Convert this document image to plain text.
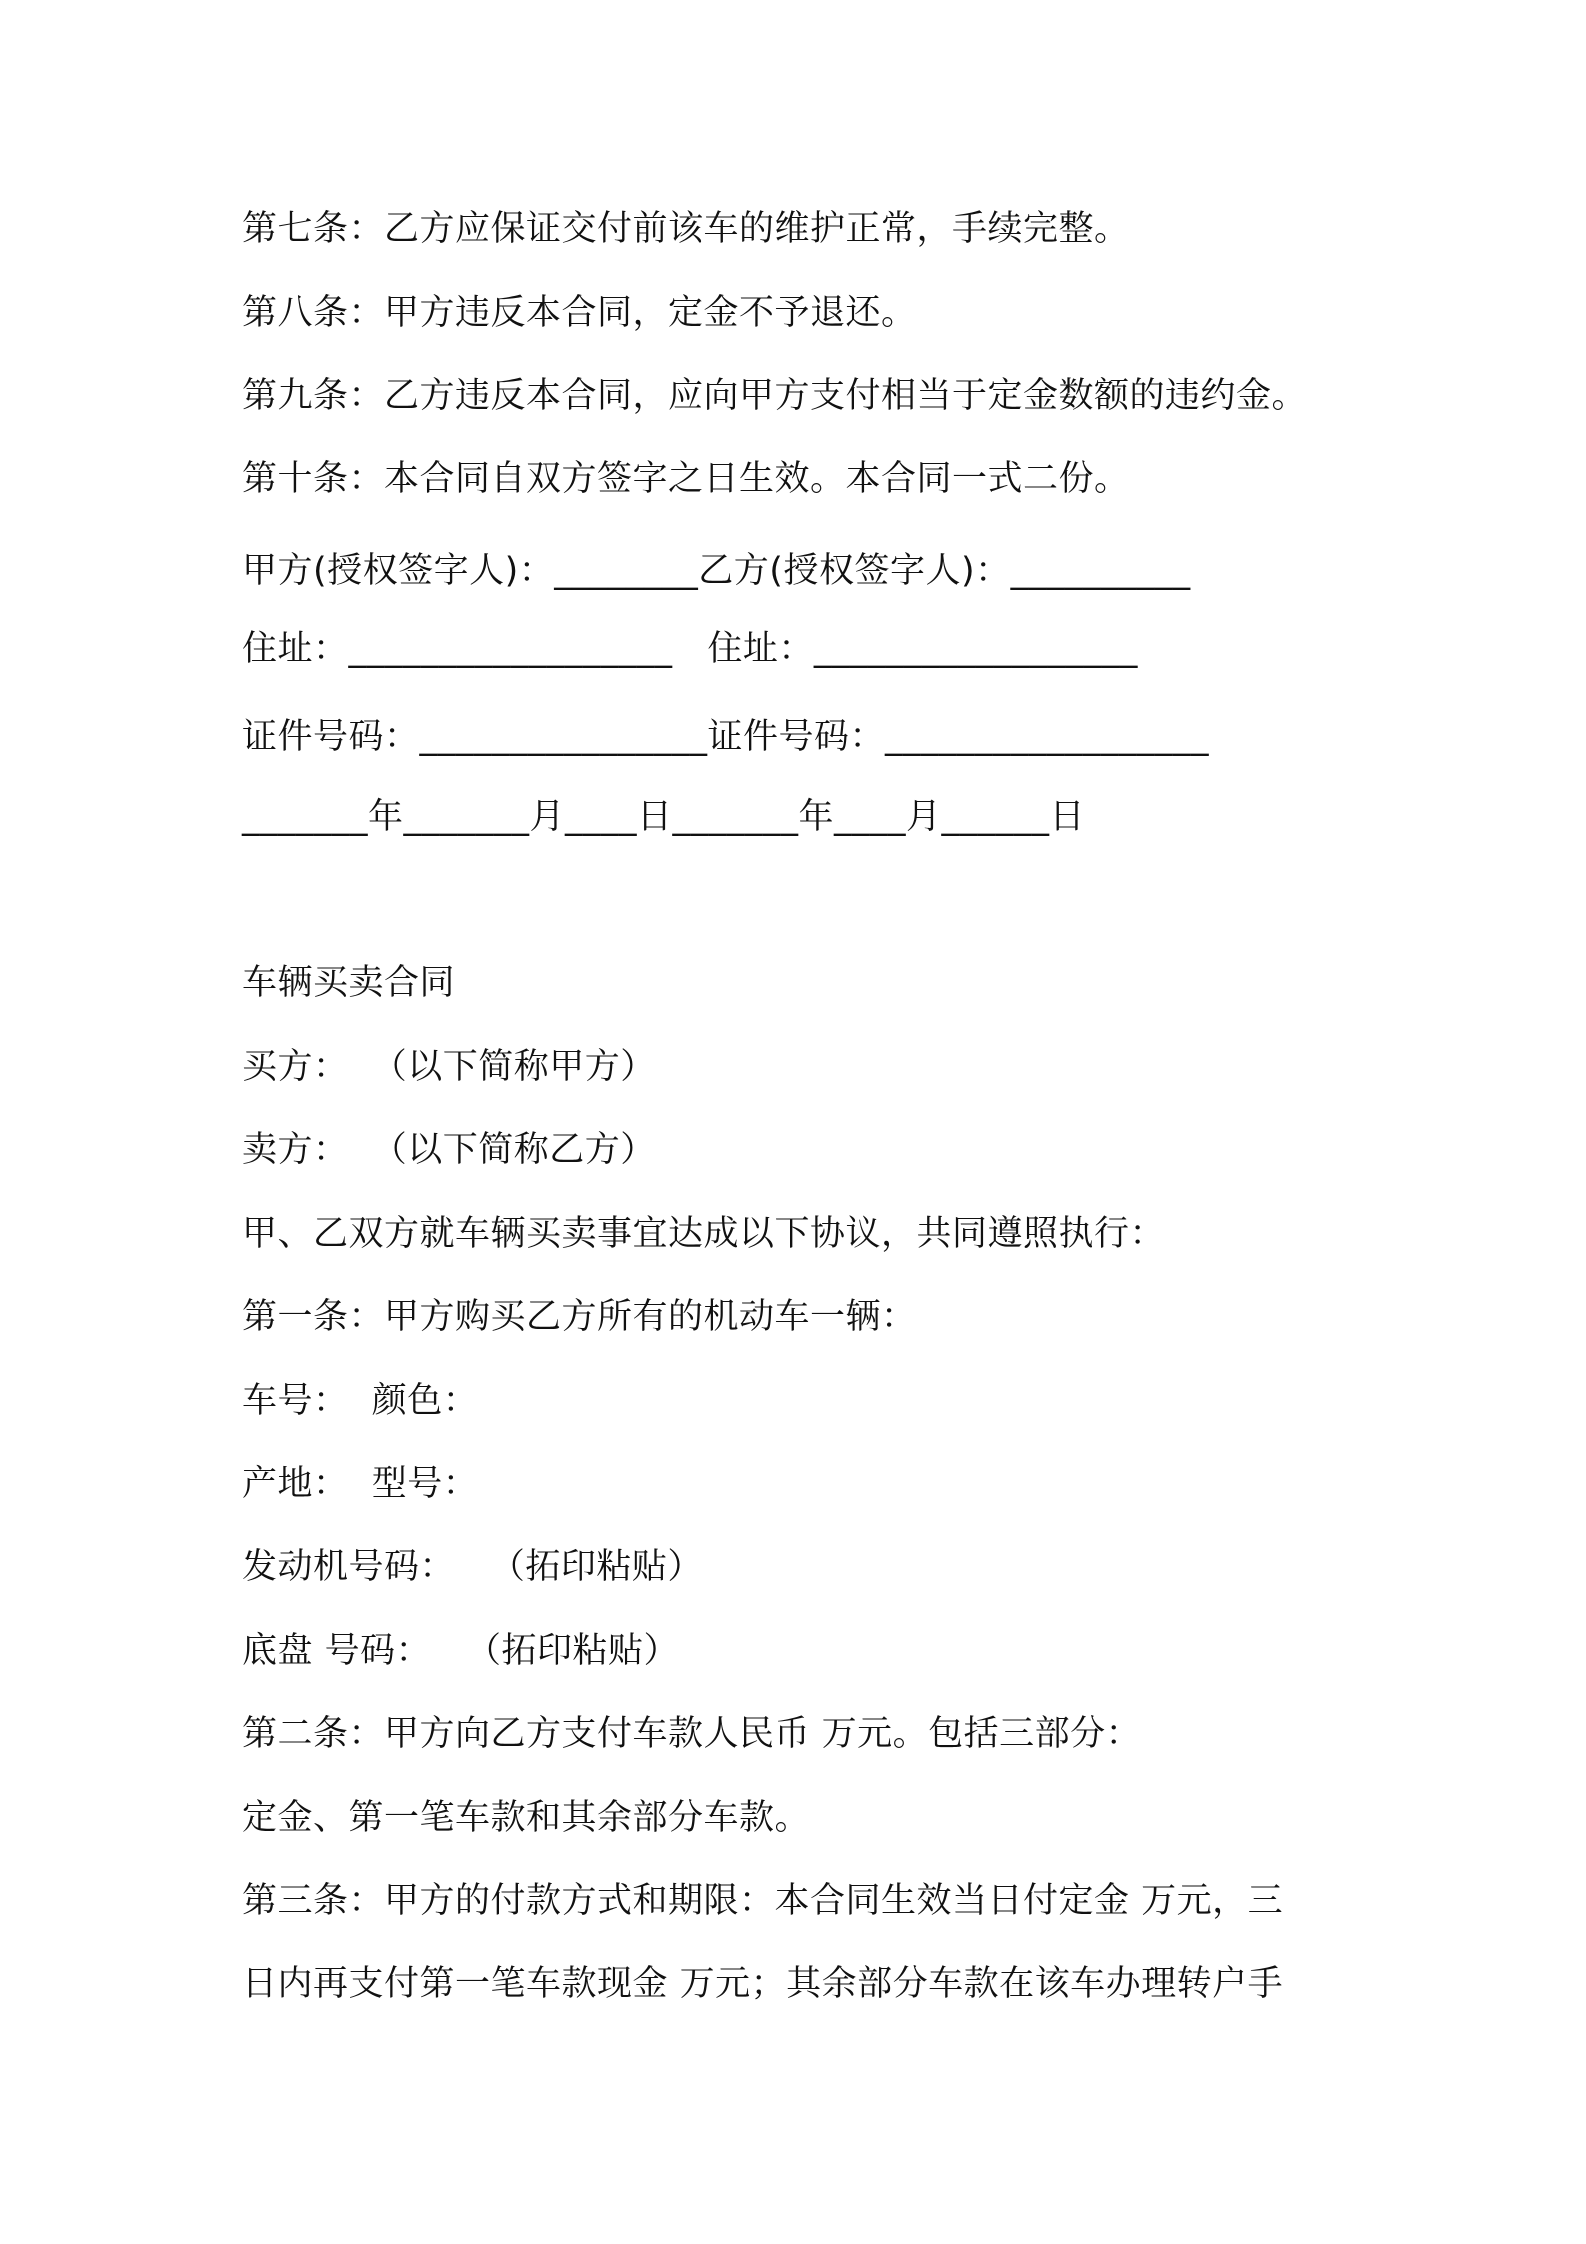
第七条：乙方应保证交付前该车的维护正常，手续完整。
第八条：甲方违反本合同，定金不予退还。
第九条：乙方违反本合同，应向甲方支付相当于定金数额的违约金。
第十条：本合同自双方签字之日生效。本合同一式二份。
甲方(授权签字人)：________乙方(授权签字人)：__________
住址：__________________   住址：__________________
证件号码：________________证件号码：__________________
_______年_______月____日_______年____月______日
车辆买卖合同
买方：  （以下简称甲方）
卖方：  （以下简称乙方）
甲、乙双方就车辆买卖事宜达成以下协议，共同遵照执行：
第一条：甲方购买乙方所有的机动车一辆：
车号：  颜色：
产地：  型号：
发动机号码：   （拓印粘贴）
底盘 号码：   （拓印粘贴）
第二条：甲方向乙方支付车款人民币 万元。包括三部分：
定金、第一笔车款和其余部分车款。
第三条：甲方的付款方式和期限：本合同生效当日付定金 万元，三
日内再支付第一笔车款现金 万元；其余部分车款在该车办理转户手
